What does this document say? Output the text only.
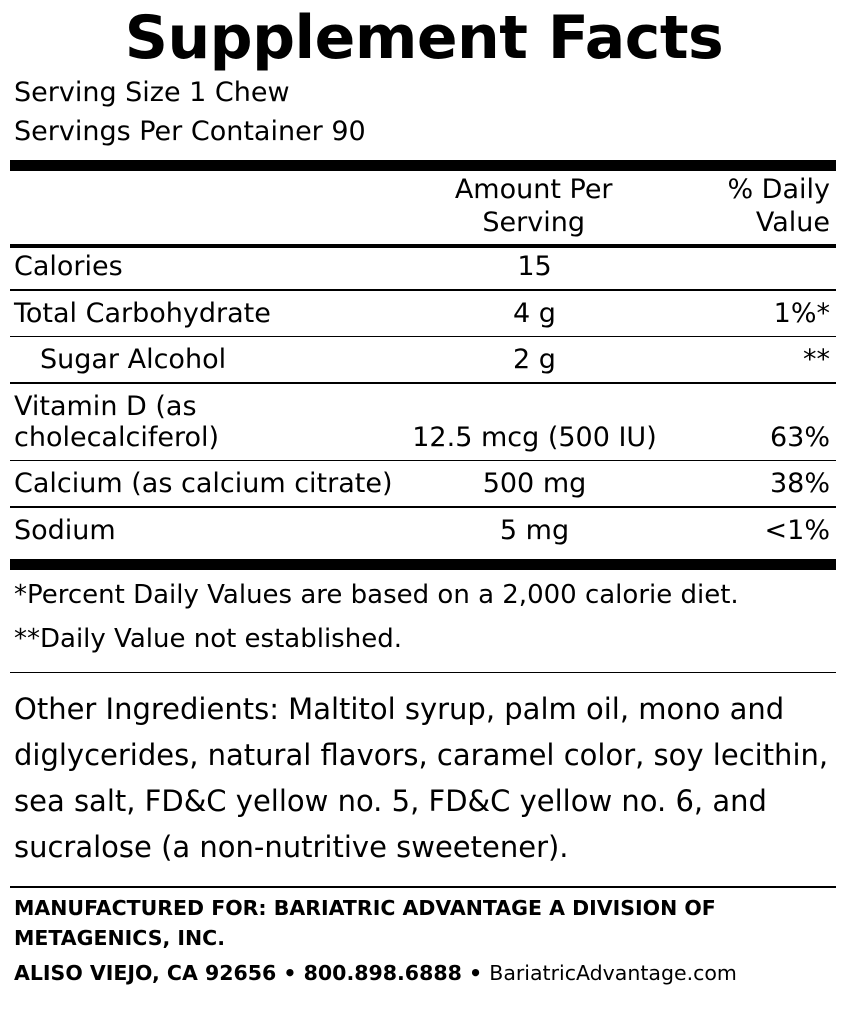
Supplement Facts
Serving Size 1 Chew
Servings Per Container 90

Amount Per
Serving

% Daily
Value
Calories	15	

Total Carbohydrate	4 g	1%*

Sugar Alcohol	2 g	**

Vitamin D (as cholecalciferol)	12.5 mcg (500 IU)	63%

Calcium (as calcium citrate)	500 mg	38%

Sodium	5 mg	<1%
*Percent Daily Values are based on a 2,000 calorie diet.
**Daily Value not established.
Other Ingredients: Maltitol syrup, palm oil, mono and diglycerides, natural flavors, caramel color, soy lecithin, sea salt, FD&C yellow no. 5, FD&C yellow no. 6, and sucralose (a non-nutritive sweetener).
MANUFACTURED FOR: BARIATRIC ADVANTAGE A DIVISION OF METAGENICS, INC.
ALISO VIEJO, CA 92656 • 800.898.6888 • BariatricAdvantage.com
